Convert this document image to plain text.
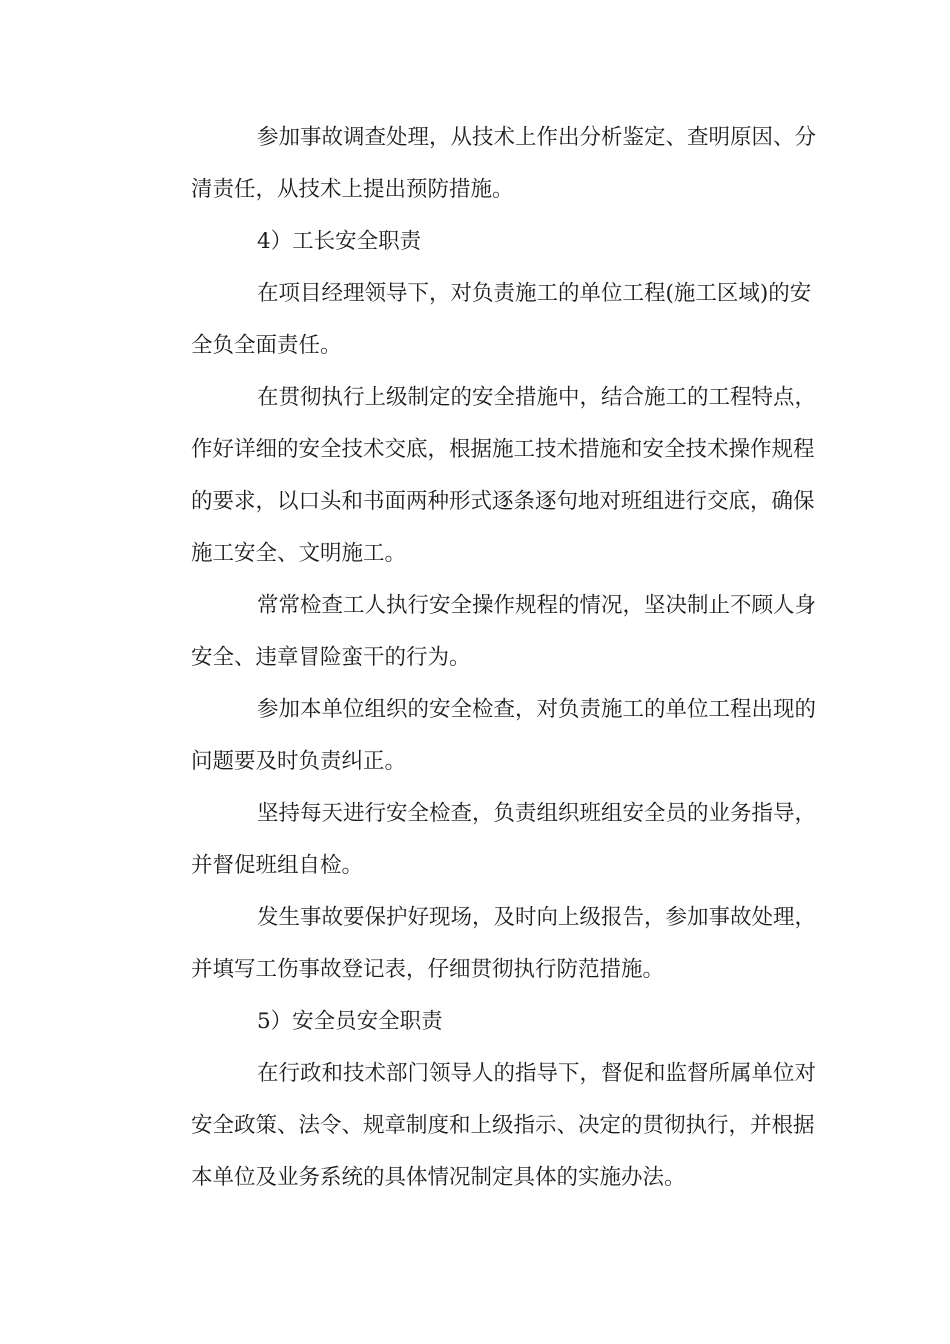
参加事故调查处理，从技术上作出分析鉴定、查明原因、分
清责任，从技术上提出预防措施。
4）工长安全职责
在项目经理领导下，对负责施工的单位工程(施工区域)的安
全负全面责任。
在贯彻执行上级制定的安全措施中，结合施工的工程特点，
作好详细的安全技术交底，根据施工技术措施和安全技术操作规程
的要求，以口头和书面两种形式逐条逐句地对班组进行交底，确保
施工安全、文明施工。
常常检查工人执行安全操作规程的情况，坚决制止不顾人身
安全、违章冒险蛮干的行为。
参加本单位组织的安全检查，对负责施工的单位工程出现的
问题要及时负责纠正。
坚持每天进行安全检查，负责组织班组安全员的业务指导，
并督促班组自检。
发生事故要保护好现场，及时向上级报告，参加事故处理，
并填写工伤事故登记表，仔细贯彻执行防范措施。
5）安全员安全职责
在行政和技术部门领导人的指导下，督促和监督所属单位对
安全政策、法令、规章制度和上级指示、决定的贯彻执行，并根据
本单位及业务系统的具体情况制定具体的实施办法。
